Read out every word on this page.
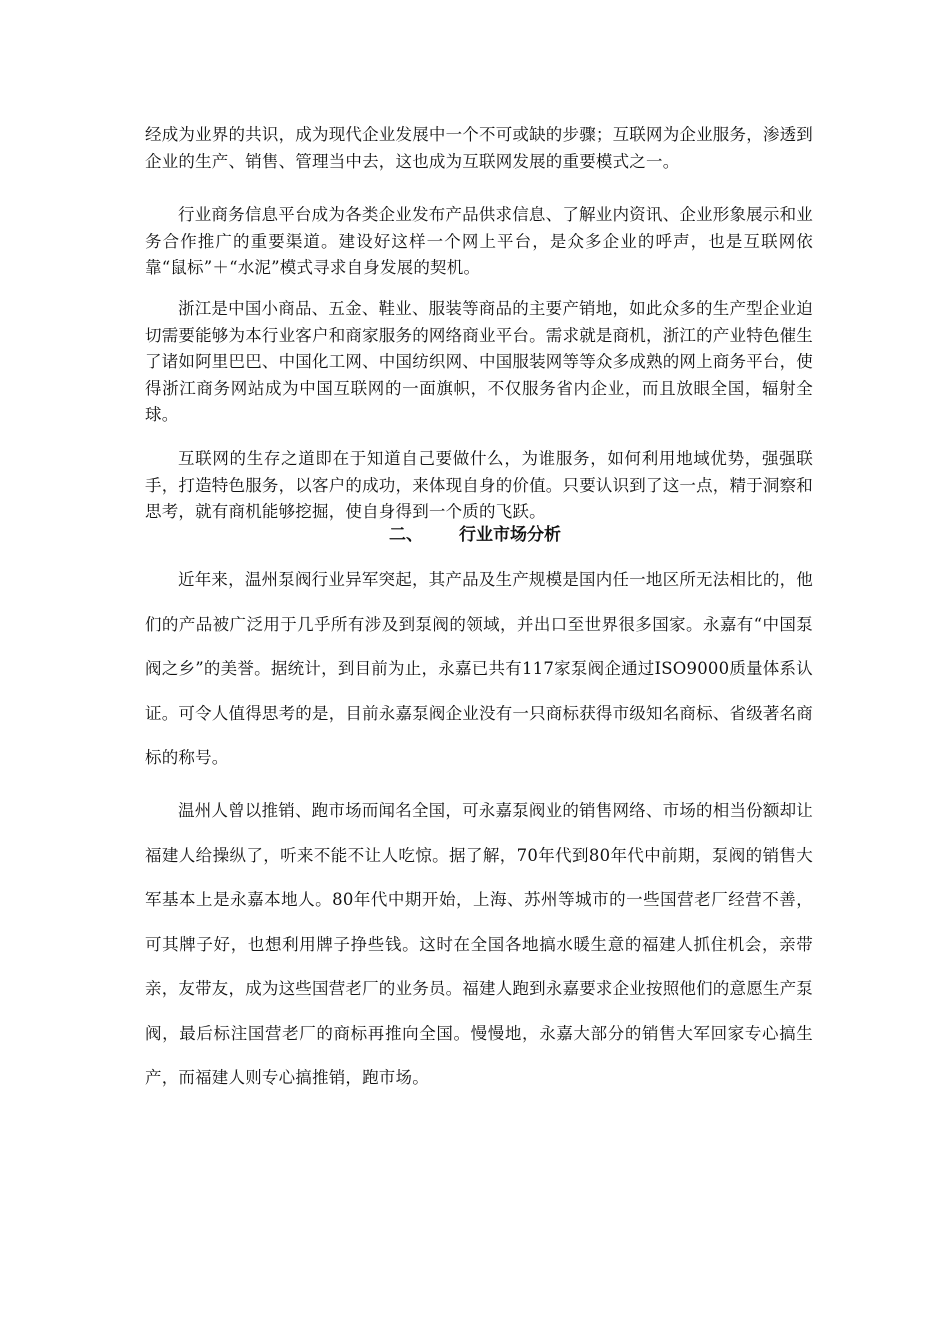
经成为业界的共识，成为现代企业发展中一个不可或缺的步骤；互联网为企业服务，渗透到企业的生产、销售、管理当中去，这也成为互联网发展的重要模式之一。

行业商务信息平台成为各类企业发布产品供求信息、了解业内资讯、企业形象展示和业务合作推广的重要渠道。建设好这样一个网上平台，是众多企业的呼声，也是互联网依靠“鼠标”＋“水泥”模式寻求自身发展的契机。

浙江是中国小商品、五金、鞋业、服装等商品的主要产销地，如此众多的生产型企业迫切需要能够为本行业客户和商家服务的网络商业平台。需求就是商机，浙江的产业特色催生了诸如阿里巴巴、中国化工网、中国纺织网、中国服装网等等众多成熟的网上商务平台，使得浙江商务网站成为中国互联网的一面旗帜，不仅服务省内企业，而且放眼全国，辐射全球。

互联网的生存之道即在于知道自己要做什么，为谁服务，如何利用地域优势，强强联手，打造特色服务，以客户的成功，来体现自身的价值。只要认识到了这一点，精于洞察和思考，就有商机能够挖掘，使自身得到一个质的飞跃。

二、 行业市场分析

近年来，温州泵阀行业异军突起，其产品及生产规模是国内任一地区所无法相比的，他们的产品被广泛用于几乎所有涉及到泵阀的领域，并出口至世界很多国家。永嘉有“中国泵阀之乡”的美誉。据统计，到目前为止，永嘉已共有117家泵阀企通过ISO9000质量体系认证。可令人值得思考的是，目前永嘉泵阀企业没有一只商标获得市级知名商标、省级著名商标的称号。

温州人曾以推销、跑市场而闻名全国，可永嘉泵阀业的销售网络、市场的相当份额却让福建人给操纵了，听来不能不让人吃惊。据了解，70年代到80年代中前期，泵阀的销售大军基本上是永嘉本地人。80年代中期开始，上海、苏州等城市的一些国营老厂经营不善，可其牌子好，也想利用牌子挣些钱。这时在全国各地搞水暖生意的福建人抓住机会，亲带亲，友带友，成为这些国营老厂的业务员。福建人跑到永嘉要求企业按照他们的意愿生产泵阀，最后标注国营老厂的商标再推向全国。慢慢地，永嘉大部分的销售大军回家专心搞生产，而福建人则专心搞推销，跑市场。
